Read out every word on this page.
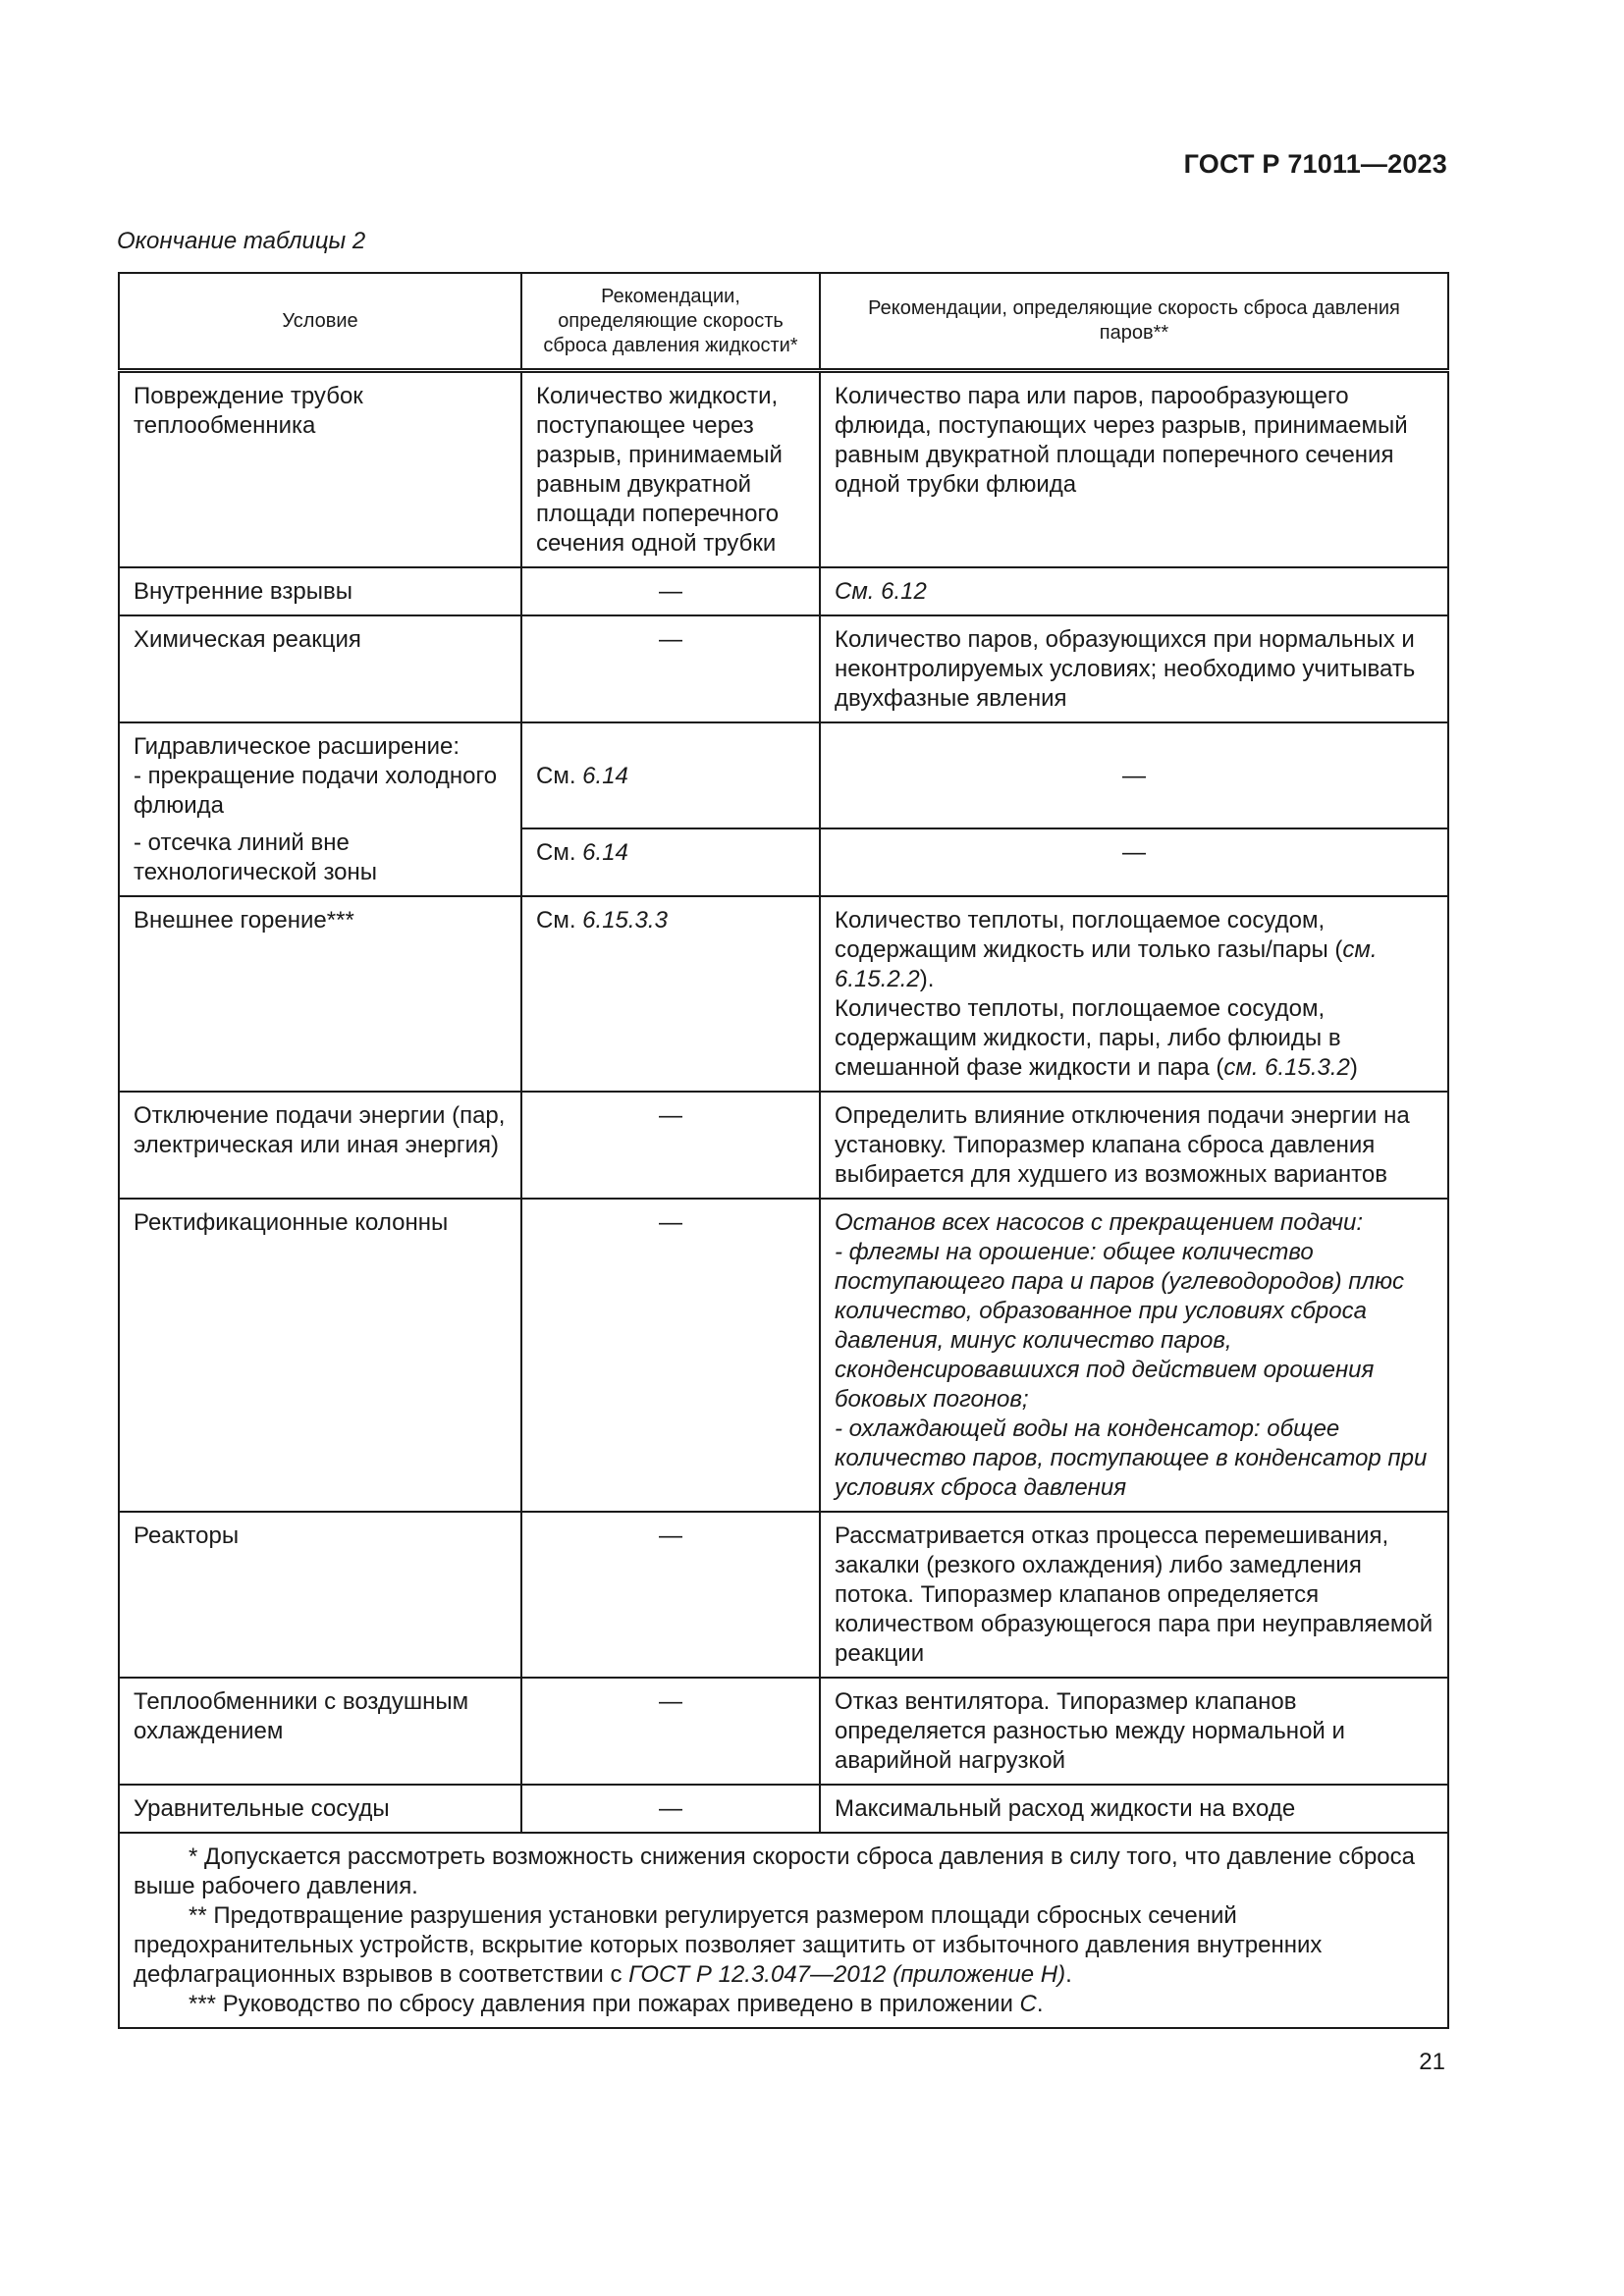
ГОСТ Р 71011—2023
Окончание таблицы 2
Условие	Рекомендации, определяющие скорость сброса давления жидкости*	Рекомендации, определяющие скорость сброса давления паров**
Повреждение трубок теплообменника	Количество жидкости, поступающее через разрыв, принимаемый равным двукратной площади поперечного сечения одной трубки	Количество пара или паров, парообразующего флюида, поступающих через разрыв, принимаемый равным двукратной площади поперечного сечения одной трубки флюида
Внутренние взрывы	—	См. 6.12
Химическая реакция	—	Количество паров, образующихся при нормальных и неконтролируемых условиях; необходимо учитывать двухфазные явления

Гидравлическое расширение:
- прекращение подачи холодного флюида	См. 6.14	—
- отсечка линий вне технологической зоны	См. 6.14	—
Внешнее горение***	См. 6.15.3.3	Количество теплоты, поглощаемое сосудом, содержащим жидкость или только газы/пары (см. 6.15.2.2).
Количество теплоты, поглощаемое сосудом, содержащим жидкости, пары, либо флюиды в смешанной фазе жидкости и пара (см. 6.15.3.2)
Отключение подачи энергии (пар, электрическая или иная энергия)	—	Определить влияние отключения подачи энергии на установку. Типоразмер клапана сброса давления выбирается для худшего из возможных вариантов
Ректификационные колонны	—	Останов всех насосов с прекращением подачи:
- флегмы на орошение: общее количество поступающего пара и паров (углеводородов) плюс количество, образованное при условиях сброса давления, минус количество паров, сконденсировавшихся под действием орошения боковых погонов;
- охлаждающей воды на конденсатор: общее количество паров, поступающее в конденсатор при условиях сброса давления

Реакторы	—	Рассматривается отказ процесса перемешивания, закалки (резкого охлаждения) либо замедления потока. Типоразмер клапанов определяется количеством образующегося пара при неуправляемой реакции
Теплообменники с воздушным охлаждением	—	Отказ вентилятора. Типоразмер клапанов определяется разностью между нормальной и аварийной нагрузкой
Уравнительные сосуды	—	Максимальный расход жидкости на входе

* Допускается рассмотреть возможность снижения скорости сброса давления в силу того, что давление сброса выше рабочего давления.
** Предотвращение разрушения установки регулируется размером площади сбросных сечений предохранительных устройств, вскрытие которых позволяет защитить от избыточного давления внутренних дефлаграционных взрывов в соответствии с ГОСТ Р 12.3.047—2012 (приложение Н).
*** Руководство по сбросу давления при пожарах приведено в приложении С.		
21
